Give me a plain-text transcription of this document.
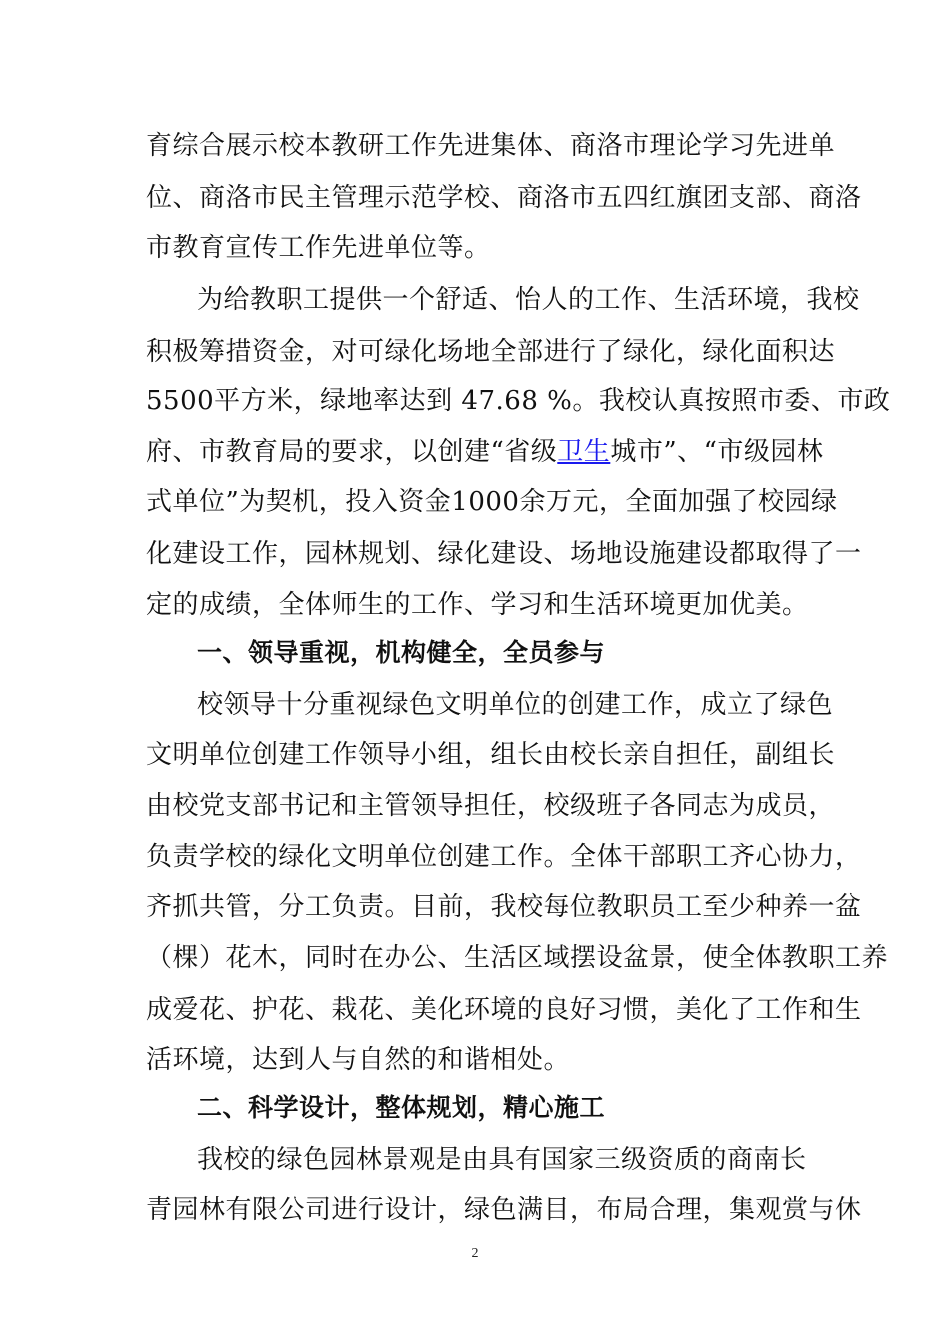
育综合展示校本教研工作先进集体、商洛市理论学习先进单
位、商洛市民主管理示范学校、商洛市五四红旗团支部、商洛
市教育宣传工作先进单位等。
为给教职工提供一个舒适、怡人的工作、生活环境，我校
积极筹措资金，对可绿化场地全部进行了绿化，绿化面积达
5500平方米，绿地率达到 47.68 %。我校认真按照市委、市政
府、市教育局的要求，以创建“省级卫生城市”、“市级园林
式单位”为契机，投入资金1000余万元，全面加强了校园绿
化建设工作，园林规划、绿化建设、场地设施建设都取得了一
定的成绩，全体师生的工作、学习和生活环境更加优美。
一、领导重视，机构健全，全员参与
校领导十分重视绿色文明单位的创建工作，成立了绿色
文明单位创建工作领导小组，组长由校长亲自担任，副组长
由校党支部书记和主管领导担任，校级班子各同志为成员，
负责学校的绿化文明单位创建工作。全体干部职工齐心协力，
齐抓共管，分工负责。目前，我校每位教职员工至少种养一盆
（棵）花木，同时在办公、生活区域摆设盆景，使全体教职工养
成爱花、护花、栽花、美化环境的良好习惯，美化了工作和生
活环境，达到人与自然的和谐相处。
二、科学设计，整体规划，精心施工
我校的绿色园林景观是由具有国家三级资质的商南长
青园林有限公司进行设计，绿色满目，布局合理，集观赏与休
2
